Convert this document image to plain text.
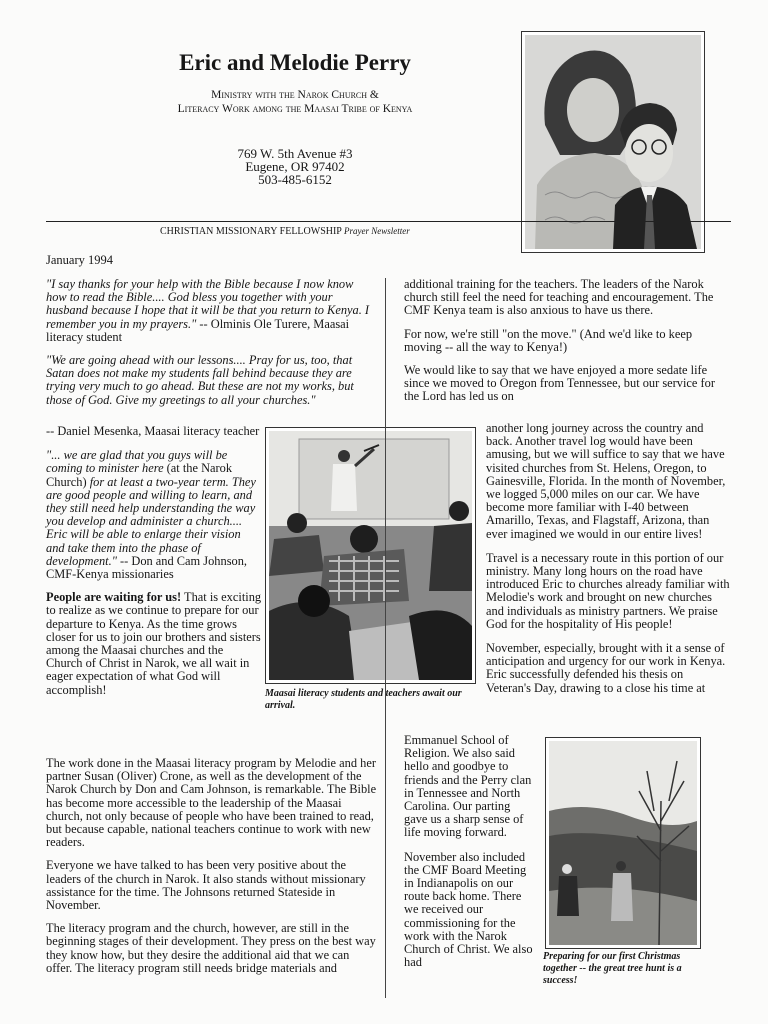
Eric and Melodie Perry
Ministry with the Narok Church &
Literacy Work among the Maasai Tribe of Kenya
769 W. 5th Avenue #3
Eugene, OR 97402
503-485-6152
CHRISTIAN MISSIONARY FELLOWSHIP Prayer Newsletter
January 1994

"I say thanks for your help with the Bible because I now know how to read the Bible.... God bless you together with your husband because I hope that it will be that you return to Kenya. I remember you in my prayers." -- Olminis Ole Turere, Maasai literacy student

"We are going ahead with our lessons.... Pray for us, too, that Satan does not make my students fall behind because they are trying very much to go ahead. But these are not my works, but those of God. Give my greetings to all your churches."

-- Daniel Mesenka, Maasai literacy teacher

"... we are glad that you guys will be coming to minister here (at the Narok Church) for at least a two-year term. They are good people and willing to learn, and they still need help understanding the way you develop and administer a church.... Eric will be able to enlarge their vision and take them into the phase of development." -- Don and Cam Johnson, CMF-Kenya missionaries

People are waiting for us! That is exciting to realize as we continue to prepare for our departure to Kenya. As the time grows closer for us to join our brothers and sisters among the Maasai churches and the Church of Christ in Narok, we all wait in eager expectation of what God will accomplish!	Maasai literacy students and teachers await our arrival.

The work done in the Maasai literacy program by Melodie and her partner Susan (Oliver) Crone, as well as the development of the Narok Church by Don and Cam Johnson, is remarkable. The Bible has become more accessible to the leadership of the Maasai church, not only because of people who have been trained to read, but because capable, national teachers continue to work with new readers.

Everyone we have talked to has been very positive about the leaders of the church in Narok. It also stands without missionary assistance for the time. The Johnsons returned Stateside in November.

The literacy program and the church, however, are still in the beginning stages of their development. They press on the best way they know how, but they desire the additional aid that we can offer. The literacy program still needs bridge materials and

additional training for the teachers. The leaders of the Narok church still feel the need for teaching and encouragement. The CMF Kenya team is also anxious to have us there.

For now, we're still "on the move." (And we'd like to keep moving -- all the way to Kenya!)

We would like to say that we have enjoyed a more sedate life since we moved to Oregon from Tennessee, but our service for the Lord has led us on

another long journey across the country and back. Another travel log would have been amusing, but we will suffice to say that we have visited churches from St. Helens, Oregon, to Gainesville, Florida. In the month of November, we logged 5,000 miles on our car. We have become more familiar with I-40 between Amarillo, Texas, and Flagstaff, Arizona, than ever imagined we would in our entire lives!

Travel is a necessary route in this portion of our ministry. Many long hours on the road have introduced Eric to churches already familiar with Melodie's work and brought on new churches and individuals as ministry partners. We praise God for the hospitality of His people!

November, especially, brought with it a sense of anticipation and urgency for our work in Kenya. Eric successfully defended his thesis on Veteran's Day, drawing to a close his time at

Emmanuel School of Religion. We also said hello and goodbye to friends and the Perry clan in Tennessee and North Carolina. Our parting gave us a sharp sense of life moving forward.

November also included the CMF Board Meeting in Indianapolis on our route back home. There we received our commissioning for the work with the Narok Church of Christ. We also had	Preparing for our first Christmas together -- the great tree hunt is a success!
